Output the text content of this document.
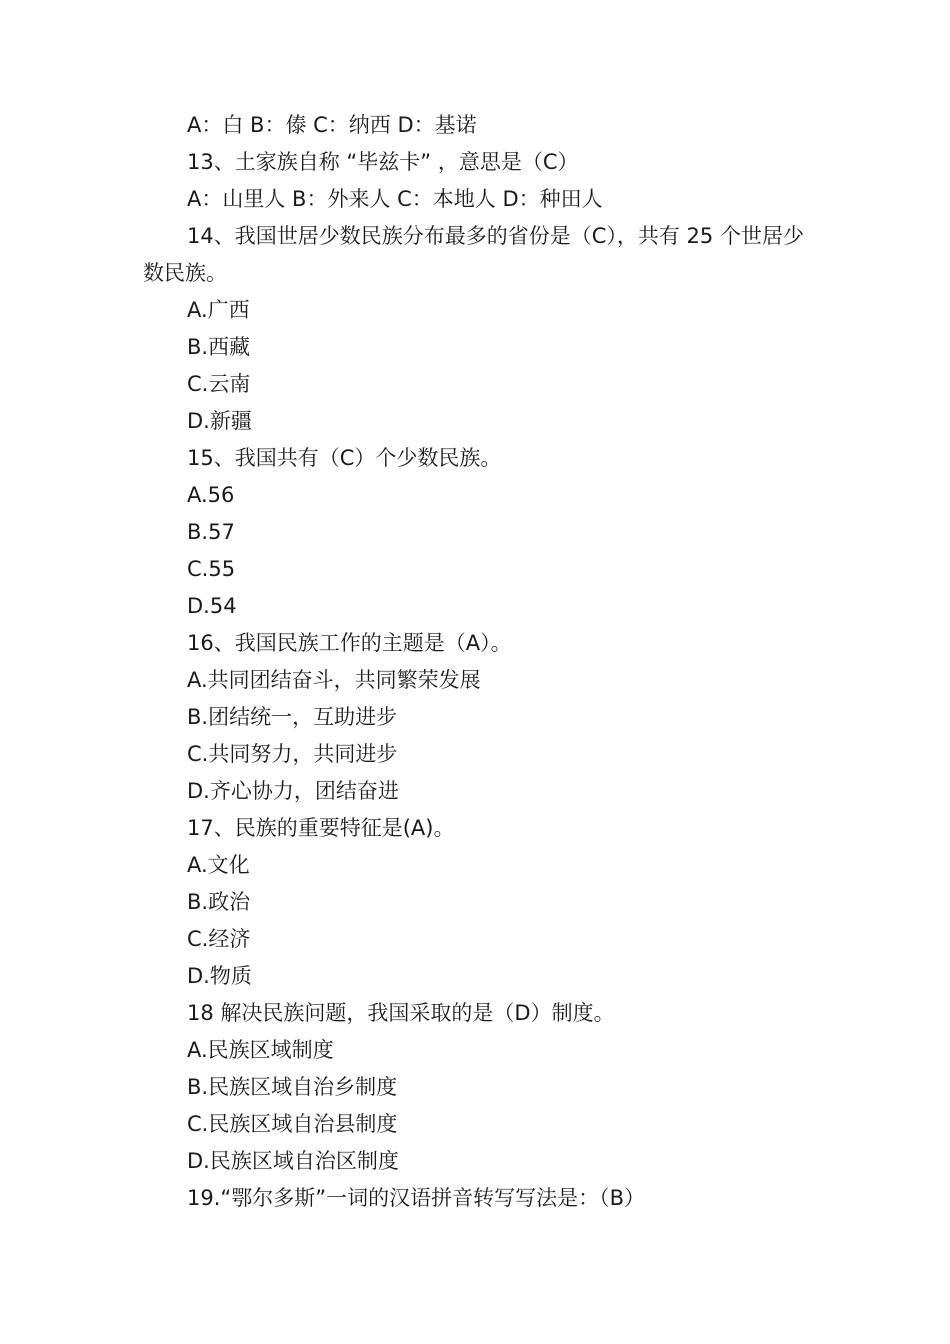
A：白 B：傣 C：纳西 D：基诺
13、土家族自称 “毕兹卡” ，意思是（C）
A：山里人 B：外来人 C：本地人 D：种田人
14、我国世居少数民族分布最多的省份是（C），共有 25 个世居少数民族。
A.广西
B.西藏
C.云南
D.新疆
15、我国共有（C）个少数民族。
A.56
B.57
C.55
D.54
16、我国民族工作的主题是（A）。
A.共同团结奋斗，共同繁荣发展
B.团结统一，互助进步
C.共同努力，共同进步
D.齐心协力，团结奋进
17、民族的重要特征是(A)。
A.文化
B.政治
C.经济
D.物质
18 解决民族问题，我国采取的是（D）制度。
A.民族区域制度
B.民族区域自治乡制度
C.民族区域自治县制度
D.民族区域自治区制度
19.“鄂尔多斯”一词的汉语拼音转写写法是：（B）
